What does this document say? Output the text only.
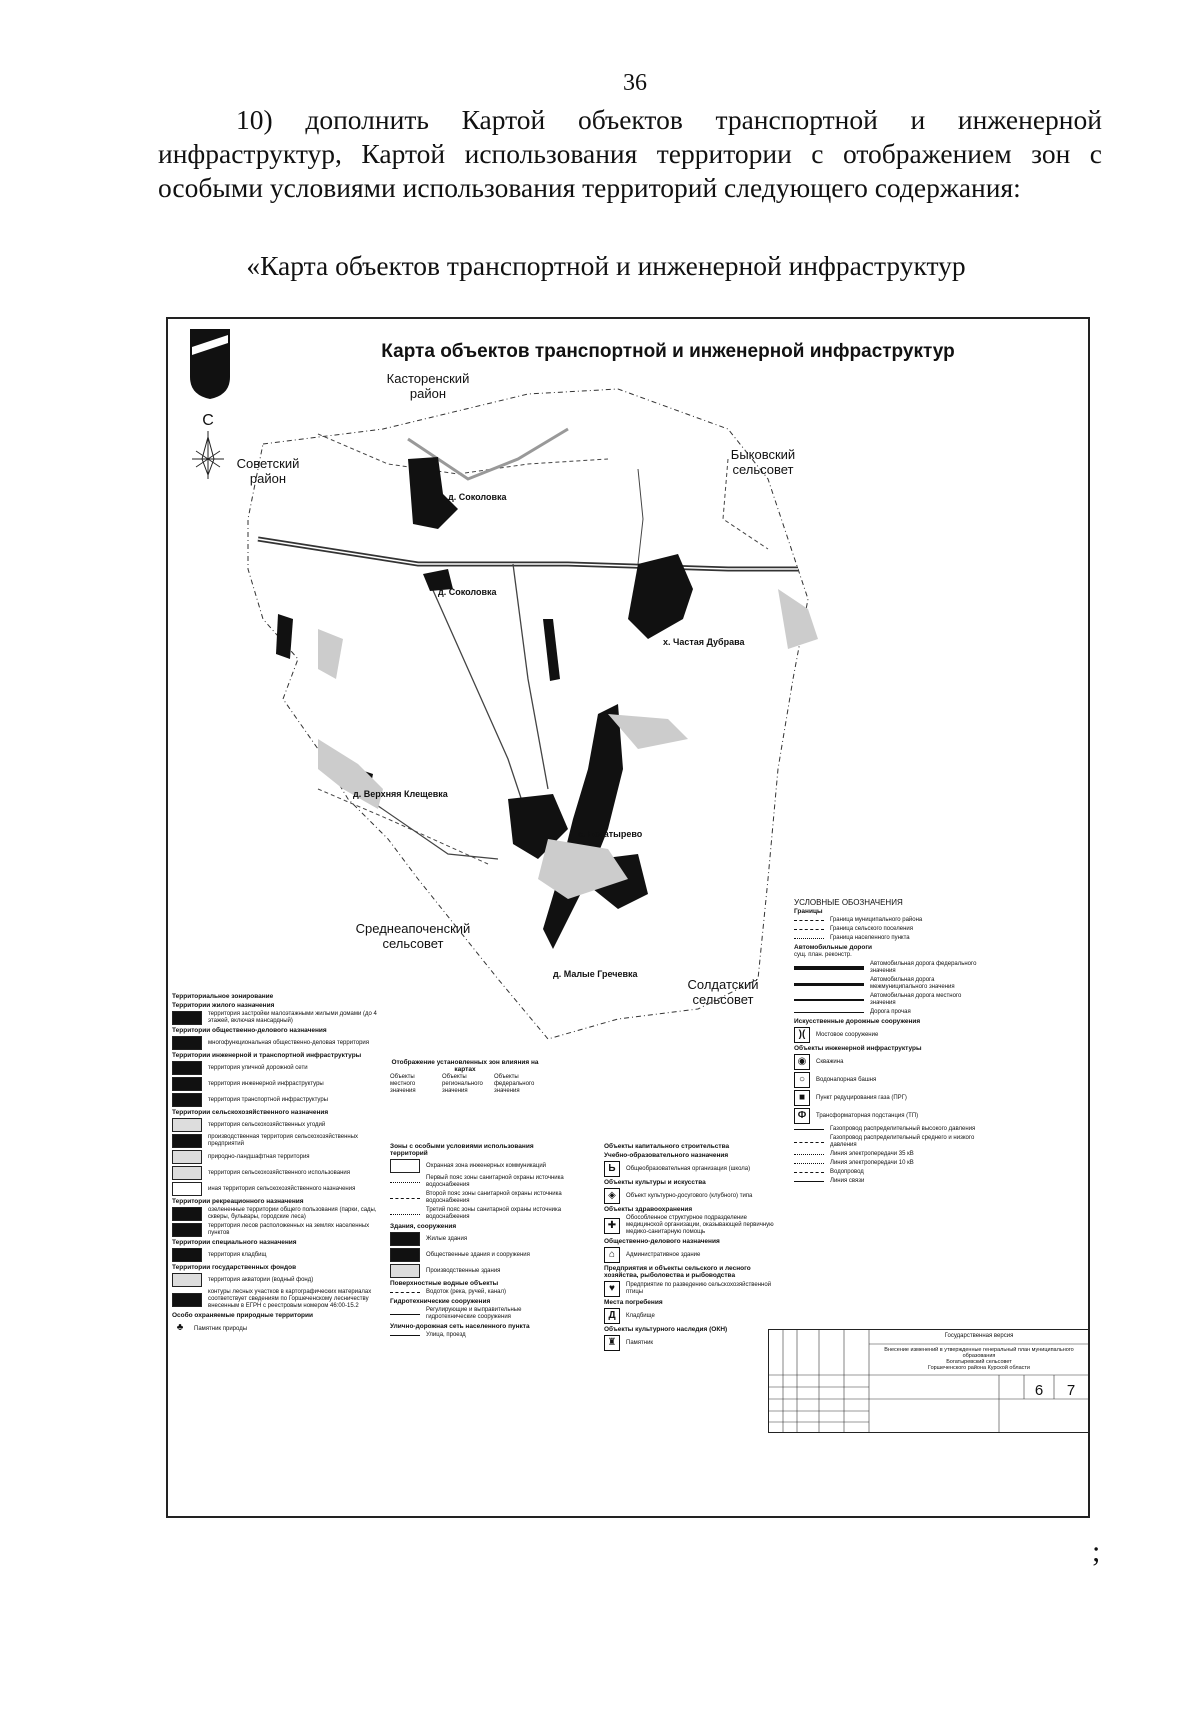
36
10) дополнить Картой объектов транспортной и инженерной
инфраструктур, Картой использования территории с отображением зон с
особыми условиями использования территорий следующего содержания:
«Карта объектов транспортной и инженерной инфраструктур
С
Карта объектов транспортной и инженерной инфраструктур
Касторенский
район
Советский
район
Быковский
сельсовет
Среднеапоченский
сельсовет
Солдатский
сельсовет
д. Соколовка
д. Соколовка
х. Частая Дубрава
д. Верхняя Клещевка
с. Богатырево
д. Малые Гречевка
УСЛОВНЫЕ ОБОЗНАЧЕНИЯ
Границы
Граница муниципального района
Граница сельского поселения
Граница населенного пункта
Автомобильные дороги
сущ. план. реконстр.
Автомобильная дорога федерального значения
Автомобильная дорога межмуниципального значения
Автомобильная дорога местного значения
Дорога прочая
Искусственные дорожные сооружения
)(	Мостовое сооружение
Объекты инженерной инфраструктуры
◉	Скважина
○	Водонапорная башня
■	Пункт редуцирования газа (ПРГ)
Ф	Трансформаторная подстанция (ТП)
Газопровод распределительный высокого давления
Газопровод распределительный среднего и низкого давления
Линия электропередачи 35 кВ
Линия электропередачи 10 кВ
Водопровод
Линия связи
Территориальное зонирование
Территории жилого назначения
территория застройки малоэтажными жилыми домами (до 4 этажей, включая мансардный)
Территории общественно-делового назначения
многофункциональная общественно-деловая территория
Территории инженерной и транспортной инфраструктуры
территория уличной дорожной сети
территория инженерной инфраструктуры
территория транспортной инфраструктуры
Территории сельскохозяйственного назначения
территория сельскохозяйственных угодий
производственная территория сельскохозяйственных предприятий
природно-ландшафтная территория
территория сельскохозяйственного использования
иная территория сельскохозяйственного назначения
Территории рекреационного назначения
озелененные территории общего пользования (парки, сады, скверы, бульвары, городские леса)
территория лесов расположенных на землях населенных пунктов
Территории специального назначения
территория кладбищ
Территории государственных фондов
территория акватории (водный фонд)
контуры лесных участков в картографических материалах соответствует сведениям по Горшеченскому лесничеству внесенным в ЕГРН с реестровым номером 46:00-15.2
Особо охраняемые природные территории
♣	Памятник природы
Отображение установленных зон влияния на картах
Объекты местного значения
Объекты регионального значения
Объекты федерального значения
Зоны с особыми условиями использования территорий
Охранная зона инженерных коммуникаций
Первый пояс зоны санитарной охраны источника водоснабжения
Второй пояс зоны санитарной охраны источника водоснабжения
Третий пояс зоны санитарной охраны источника водоснабжения
Здания, сооружения
Жилые здания
Общественные здания и сооружения
Производственные здания
Поверхностные водные объекты
Водоток (река, ручей, канал)
Гидротехнические сооружения
Регулирующие и выправительные гидротехнические сооружения
Улично-дорожная сеть населенного пункта
Улица, проезд
Объекты капитального строительства
Учебно-образовательного назначения
Ь	Общеобразовательная организация (школа)
Объекты культуры и искусства
◈	Объект культурно-досугового (клубного) типа
Объекты здравоохранения
✚
Обособленное структурное подразделение медицинской организации, оказывающей первичную медико-санитарную помощь
Общественно-делового назначения
⌂	Административное здание
Предприятия и объекты сельского и лесного хозяйства, рыболовства и рыбоводства
♥	Предприятие по разведению сельскохозяйственной птицы
Места погребения
Д	Кладбище
Объекты культурного наследия (ОКН)
♜	Памятник
Государственная версия
Внесение изменений в утвержденные генеральный план муниципального образования
Богатыревский сельсовет
Горшеченского района Курской области
6	7
;
